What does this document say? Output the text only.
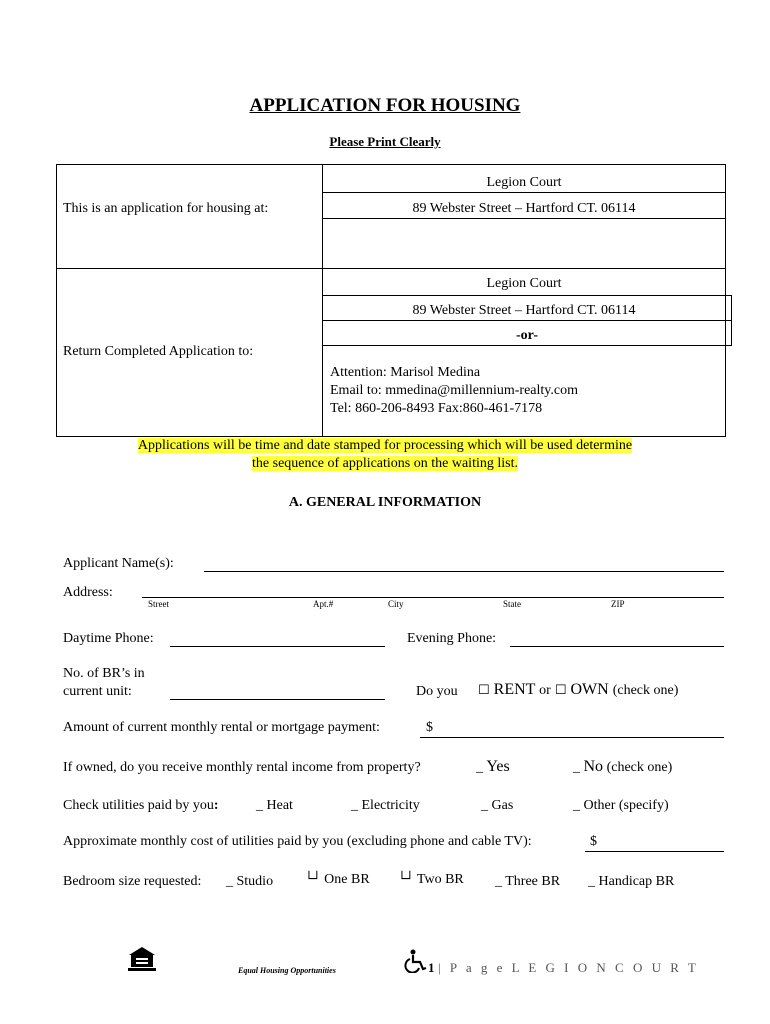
APPLICATION FOR HOUSING
Please Print Clearly
This is an application for housing at:
Legion Court
89 Webster Street – Hartford CT. 06114
Return Completed Application to:
Legion Court
89 Webster Street – Hartford CT. 06114
-or-
Attention: Marisol Medina
Email to: mmedina@millennium-realty.com
Tel: 860-206-8493 Fax:860-461-7178
Applications will be time and date stamped for processing which will be used determine
the sequence of applications on the waiting list.
A. GENERAL INFORMATION
Applicant Name(s):
Address:
Street	Apt.#	City	State	ZIP
Daytime Phone:	Evening Phone:
No. of BR’s in
current unit:	Do you ☐ RENT or ☐ OWN (check one)
Amount of current monthly rental or mortgage payment:	$
If owned, do you receive monthly rental income from property?	_ Yes	_ No (check one)
Check utilities paid by you:	_ Heat	_ Electricity	_ Gas	_ Other (specify)
Approximate monthly cost of utilities paid by you (excluding phone and cable TV):	$
Bedroom size requested: _ Studio └┘ One BR └┘ Two BR _ Three BR _ Handicap BR
Equal Housing Opportunities	1 | P a g e L E G I O N C O U R T
